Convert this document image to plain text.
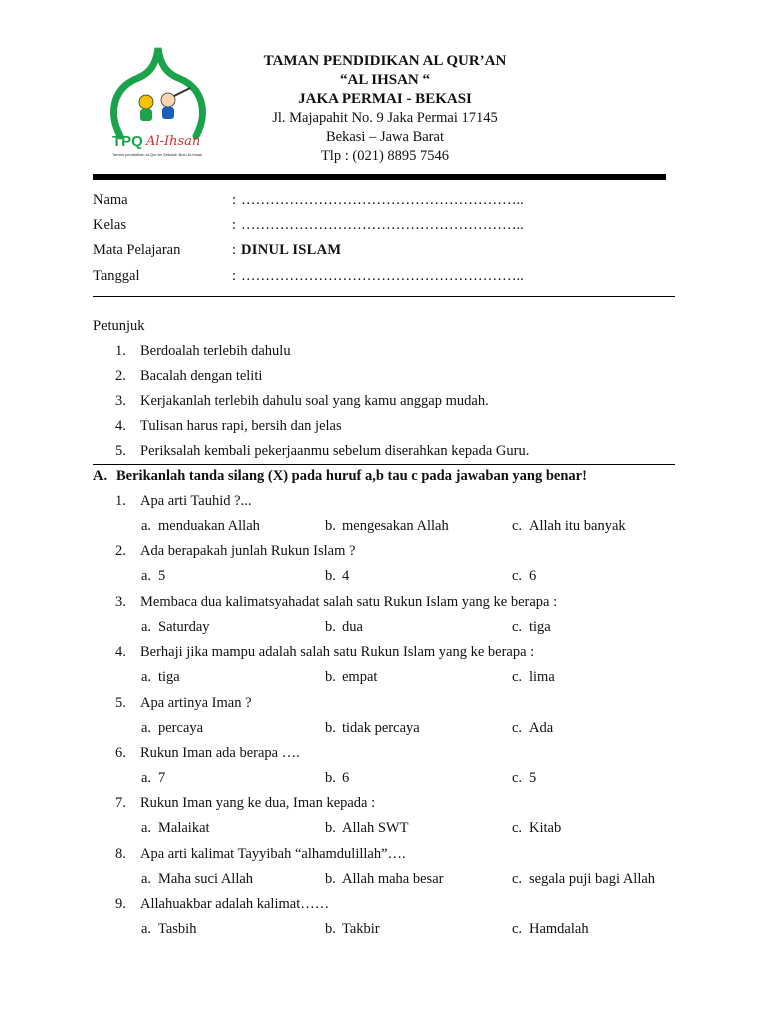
TPQ Al-Ihsan
Taman pendidikan al-Qur'an Sekolah Bulu Al-Ihsan
TAMAN PENDIDIKAN AL QUR’AN
“AL IHSAN “
JAKA PERMAI - BEKASI
Jl. Majapahit No. 9 Jaka Permai 17145
Bekasi – Jawa Barat
Tlp : (021) 8895 7546
Nama	: …………………………………………………..
Kelas	: …………………………………………………..
Mata Pelajaran	: DINUL ISLAM
Tanggal	: …………………………………………………..
Petunjuk
1. Berdoalah terlebih dahulu
2. Bacalah dengan teliti
3. Kerjakanlah terlebih dahulu soal yang kamu anggap mudah.
4. Tulisan harus rapi, bersih dan jelas
5. Periksalah kembali pekerjaanmu sebelum diserahkan kepada Guru.
A. Berikanlah tanda silang (X) pada huruf a,b tau c pada jawaban yang benar!
1. Apa arti Tauhid ?...
a. menduakan Allah	b. mengesakan Allah	c. Allah itu banyak
2. Ada berapakah junlah Rukun Islam ?
a. 5	b. 4	c. 6
3. Membaca dua kalimatsyahadat salah satu Rukun Islam yang ke berapa :
a. Saturday	b. dua	c. tiga
4. Berhaji jika mampu adalah salah satu Rukun Islam yang ke berapa :
a. tiga	b. empat	c. lima
5. Apa artinya Iman ?
a. percaya	b. tidak percaya	c. Ada
6. Rukun Iman ada berapa ….
a. 7	b. 6	c. 5
7. Rukun Iman yang ke dua, Iman kepada :
a. Malaikat	b. Allah SWT	c. Kitab
8. Apa arti kalimat Tayyibah “alhamdulillah”….
a. Maha suci Allah	b. Allah maha besar	c. segala puji bagi Allah
9. Allahuakbar adalah kalimat……
a. Tasbih	b. Takbir	c. Hamdalah
